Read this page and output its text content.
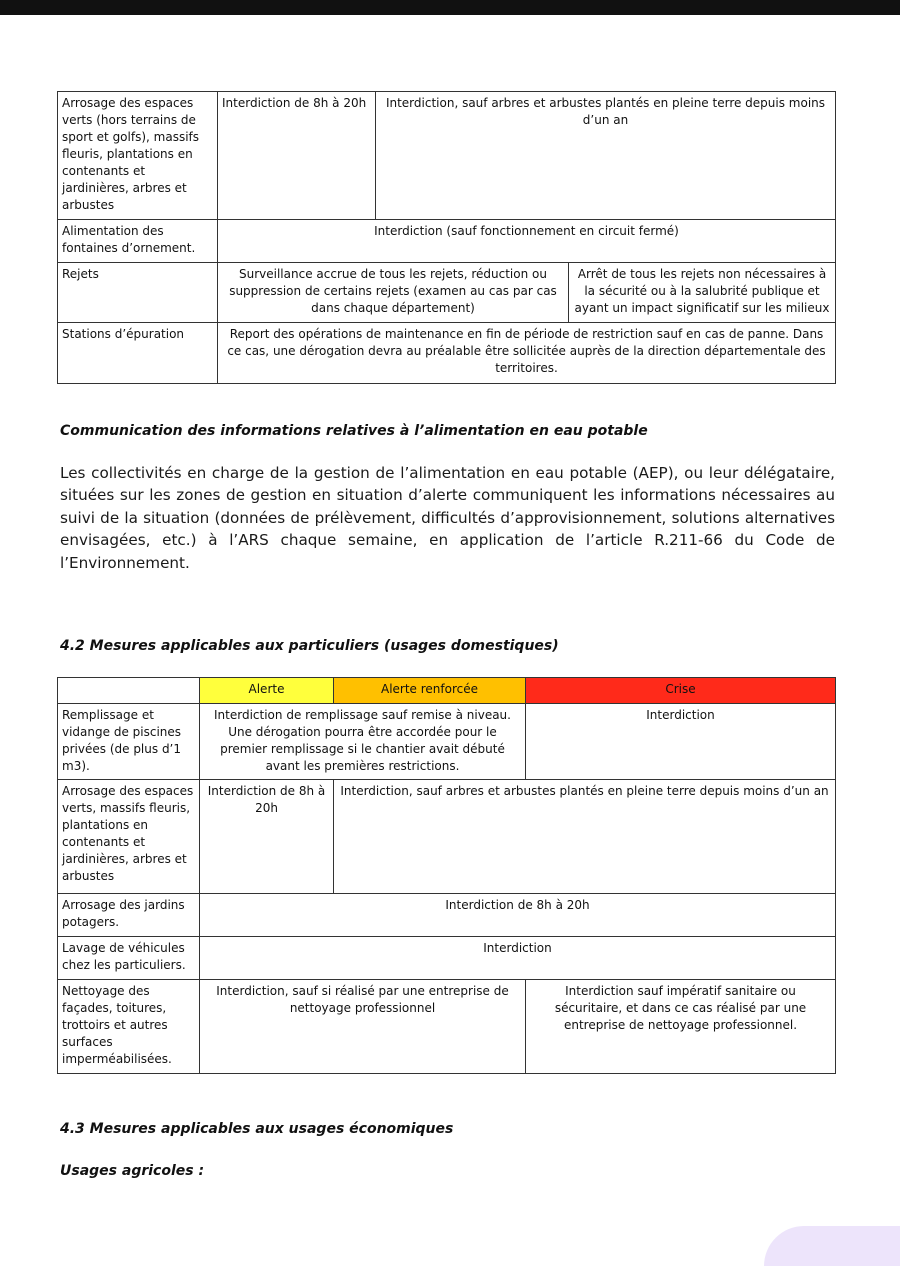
Arrosage des espaces verts (hors terrains de sport et golfs), massifs fleuris, plantations en contenants et jardinières, arbres et arbustes	Interdiction de 8h à 20h	Interdiction, sauf arbres et arbustes plantés en pleine terre depuis moins d’un an	
Alimentation des fontaines d’ornement.	Interdiction (sauf fonctionnement en circuit fermé)		
Rejets	Surveillance accrue de tous les rejets, réduction ou suppression de certains rejets (examen au cas par cas dans chaque département)		Arrêt de tous les rejets non nécessaires à la sécurité ou à la salubrité publique et ayant un impact significatif sur les milieux
Stations d’épuration	Report des opérations de maintenance en fin de période de restriction sauf en cas de panne. Dans ce cas, une dérogation devra au préalable être sollicitée auprès de la direction départementale des territoires.		
Communication des informations relatives à l’alimentation en eau potable

Les collectivités en charge de la gestion de l’alimentation en eau potable (AEP), ou leur délégataire, situées sur les zones de gestion en situation d’alerte communiquent les informations nécessaires au suivi de la situation (données de prélèvement, difficultés d’approvisionnement, solutions alternatives envisagées, etc.) à l’ARS chaque semaine, en application de l’article R.211-66 du Code de l’Environnement.

4.2 Mesures applicables aux particuliers (usages domestiques)
	Alerte	Alerte renforcée	Crise
Remplissage et vidange de piscines privées (de plus d’1 m3).	Interdiction de remplissage sauf remise à niveau. Une dérogation pourra être accordée pour le premier remplissage si le chantier avait débuté avant les premières restrictions.		Interdiction
Arrosage des espaces verts, massifs fleuris, plantations en contenants et jardinières, arbres et arbustes	Interdiction de 8h à 20h	Interdiction, sauf arbres et arbustes plantés en pleine terre depuis moins d’un an	
Arrosage des jardins potagers.	Interdiction de 8h à 20h		
Lavage de véhicules chez les particuliers.	Interdiction		
Nettoyage des façades, toitures, trottoirs et autres surfaces imperméabilisées.	Interdiction, sauf si réalisé par une entreprise de nettoyage professionnel		Interdiction sauf impératif sanitaire ou sécuritaire, et dans ce cas réalisé par une entreprise de nettoyage professionnel.
4.3 Mesures applicables aux usages économiques
Usages agricoles :
